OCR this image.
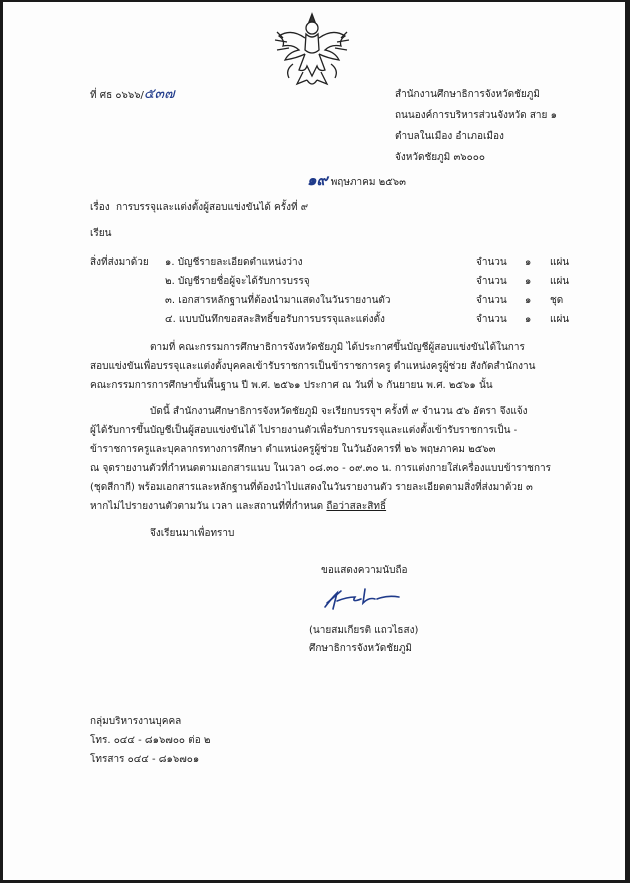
ที่ ศธ ๐๖๖๖/๕๓๗	สำนักงานศึกษาธิการจังหวัดชัยภูมิ
ถนนองค์การบริหารส่วนจังหวัด สาย ๑
ตำบลในเมือง อำเภอเมือง
จังหวัดชัยภูมิ ๓๖๐๐๐
๑๙ พฤษภาคม ๒๕๖๓
เรื่อง การบรรจุและแต่งตั้งผู้สอบแข่งขันได้ ครั้งที่ ๙
เรียน
สิ่งที่ส่งมาด้วย ๑. บัญชีรายละเอียดตำแหน่งว่าง	จำนวน ๑ แผ่น
๒. บัญชีรายชื่อผู้จะได้รับการบรรจุ	จำนวน ๑ แผ่น
๓. เอกสารหลักฐานที่ต้องนำมาแสดงในวันรายงานตัว	จำนวน ๑ ชุด
๔. แบบบันทึกขอสละสิทธิ์ขอรับการบรรจุและแต่งตั้ง	จำนวน ๑ แผ่น
ตามที่ คณะกรรมการศึกษาธิการจังหวัดชัยภูมิ ได้ประกาศขึ้นบัญชีผู้สอบแข่งขันได้ในการ
สอบแข่งขันเพื่อบรรจุและแต่งตั้งบุคคลเข้ารับราชการเป็นข้าราชการครู ตำแหน่งครูผู้ช่วย สังกัดสำนักงาน
คณะกรรมการการศึกษาขั้นพื้นฐาน ปี พ.ศ. ๒๕๖๑ ประกาศ ณ วันที่ ๖ กันยายน พ.ศ. ๒๕๖๑ นั้น
บัดนี้ สำนักงานศึกษาธิการจังหวัดชัยภูมิ จะเรียกบรรจุฯ ครั้งที่ ๙ จำนวน ๕๖ อัตรา จึงแจ้ง
ผู้ได้รับการขึ้นบัญชีเป็นผู้สอบแข่งขันได้ ไปรายงานตัวเพื่อรับการบรรจุและแต่งตั้งเข้ารับราชการเป็น -
ข้าราชการครูและบุคลากรทางการศึกษา ตำแหน่งครูผู้ช่วย ในวันอังคารที่ ๒๖ พฤษภาคม ๒๕๖๓
ณ จุดรายงานตัวที่กำหนดตามเอกสารแนบ ในเวลา ๐๘.๓๐ - ๐๙.๓๐ น. การแต่งกายใส่เครื่องแบบข้าราชการ
(ชุดสีกากี) พร้อมเอกสารและหลักฐานที่ต้องนำไปแสดงในวันรายงานตัว รายละเอียดตามสิ่งที่ส่งมาด้วย ๓
หากไม่ไปรายงานตัวตามวัน เวลา และสถานที่ที่กำหนด ถือว่าสละสิทธิ์
จึงเรียนมาเพื่อทราบ
ขอแสดงความนับถือ
(นายสมเกียรติ แถวไธสง)
ศึกษาธิการจังหวัดชัยภูมิ
กลุ่มบริหารงานบุคคล
โทร. ๐๔๔ - ๘๑๖๗๐๐ ต่อ ๒
โทรสาร ๐๔๔ - ๘๑๖๗๐๑
